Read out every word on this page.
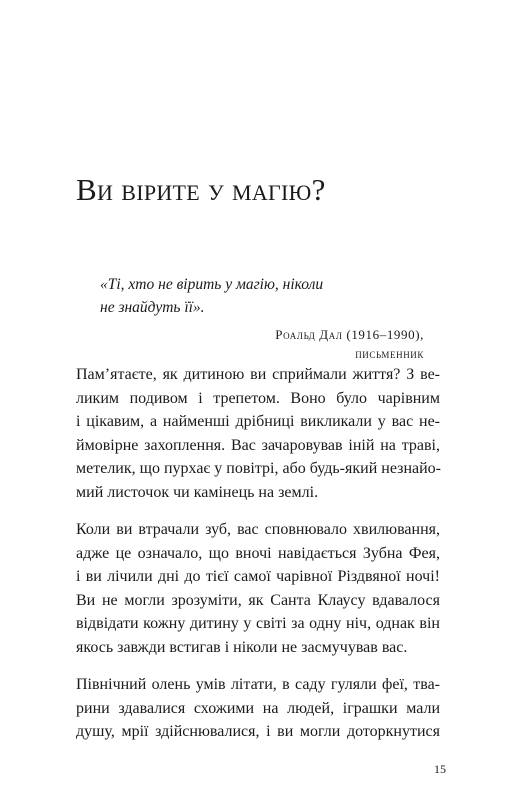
Ви вірите у магію?

«Ті, хто не вірить у магію, ніколи
не знайдуть її».

Роальд Дал (1916–1990),
письменник

Пам’ятаєте, як дитиною ви сприймали життя? З ве-
ликим подивом і трепетом. Воно було чарівним
і цікавим, а найменші дрібниці викликали у вас не-
ймовірне захоплення. Вас зачаровував іній на траві,
метелик, що пурхає у повітрі, або будь-який незнайо-
мий листочок чи камінець на землі.

Коли ви втрачали зуб, вас сповнювало хвилювання,
адже це означало, що вночі навідається Зубна Фея,
і ви лічили дні до тієї самої чарівної Різдвяної ночі!
Ви не могли зрозуміти, як Санта Клаусу вдавалося
відвідати кожну дитину у світі за одну ніч, однак він
якось завжди встигав і ніколи не засмучував вас.

Північний олень умів літати, в саду гуляли феї, тва-
рини здавалися схожими на людей, іграшки мали
душу, мрії здійснювалися, і ви могли доторкнутися

15
